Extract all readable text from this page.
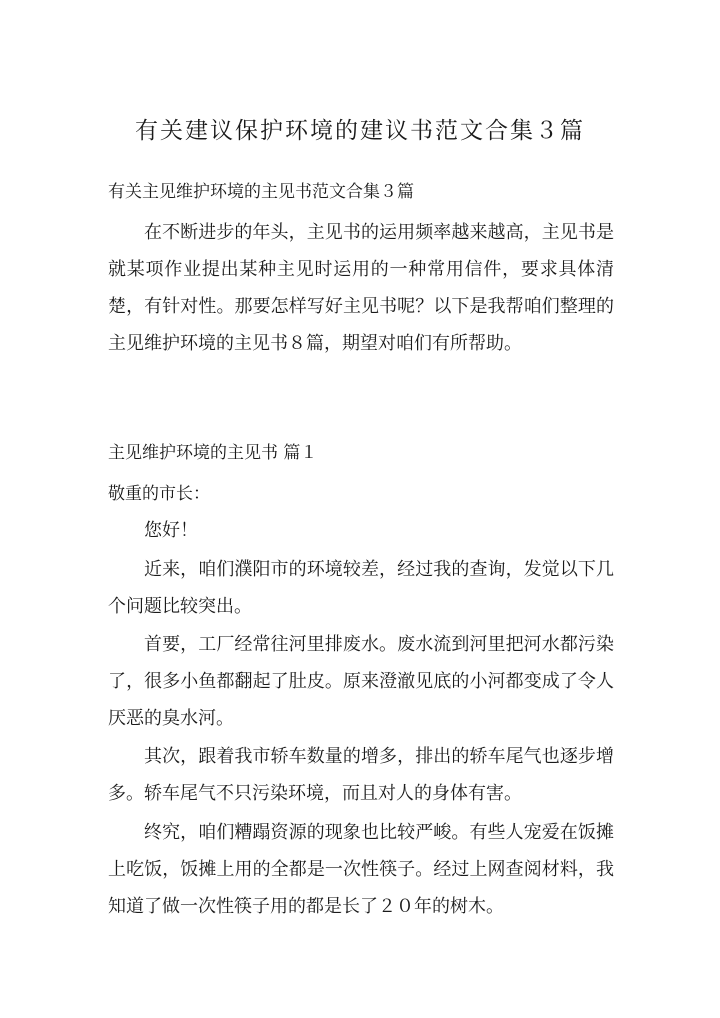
有关建议保护环境的建议书范文合集３篇

有关主见维护环境的主见书范文合集３篇

在不断进步的年头，主见书的运用频率越来越高，主见书是就某项作业提出某种主见时运用的一种常用信件，要求具体清楚，有针对性。那要怎样写好主见书呢？以下是我帮咱们整理的主见维护环境的主见书８篇，期望对咱们有所帮助。

主见维护环境的主见书 篇１

敬重的市长：

您好！

近来，咱们濮阳市的环境较差，经过我的查询，发觉以下几个问题比较突出。

首要，工厂经常往河里排废水。废水流到河里把河水都污染了，很多小鱼都翻起了肚皮。原来澄澈见底的小河都变成了令人厌恶的臭水河。

其次，跟着我市轿车数量的增多，排出的轿车尾气也逐步增多。轿车尾气不只污染环境，而且对人的身体有害。

终究，咱们糟蹋资源的现象也比较严峻。有些人宠爱在饭摊上吃饭，饭摊上用的全都是一次性筷子。经过上网查阅材料，我知道了做一次性筷子用的都是长了２０年的树木。
